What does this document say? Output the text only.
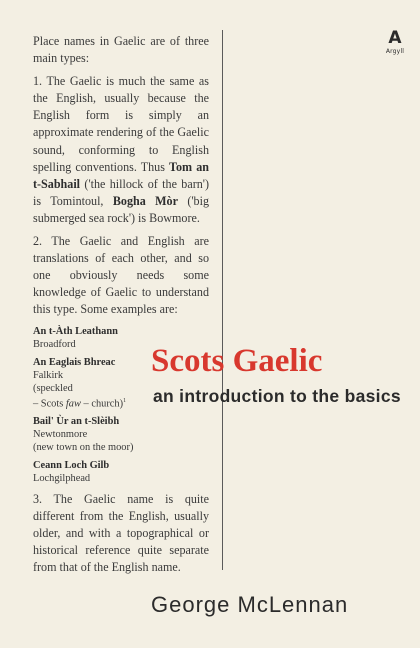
A
Argyll

Place names in Gaelic are of three main types:

1. The Gaelic is much the same as the English, usually because the English form is simply an approximate rendering of the Gaelic sound, conforming to English spelling conventions. Thus Tom an t-Sabhail ('the hillock of the barn') is Tomintoul, Bogha Mòr ('big submerged sea rock') is Bowmore.

2. The Gaelic and English are translations of each other, and so one obviously needs some knowledge of Gaelic to understand this type. Some examples are:

An t-Àth Leathann
Broadford
An Eaglais Bhreac
Falkirk
(speckled
– Scots faw – church)$^1$
Bail' Ùr an t-Slèibh
Newtonmore
(new town on the moor)
Ceann Loch Gilb
Lochgilphead

3. The Gaelic name is quite different from the English, usually older, and with a topographical or historical reference quite separate from that of the English name.

Scots Gaelic
an introduction to the basics
George McLennan
